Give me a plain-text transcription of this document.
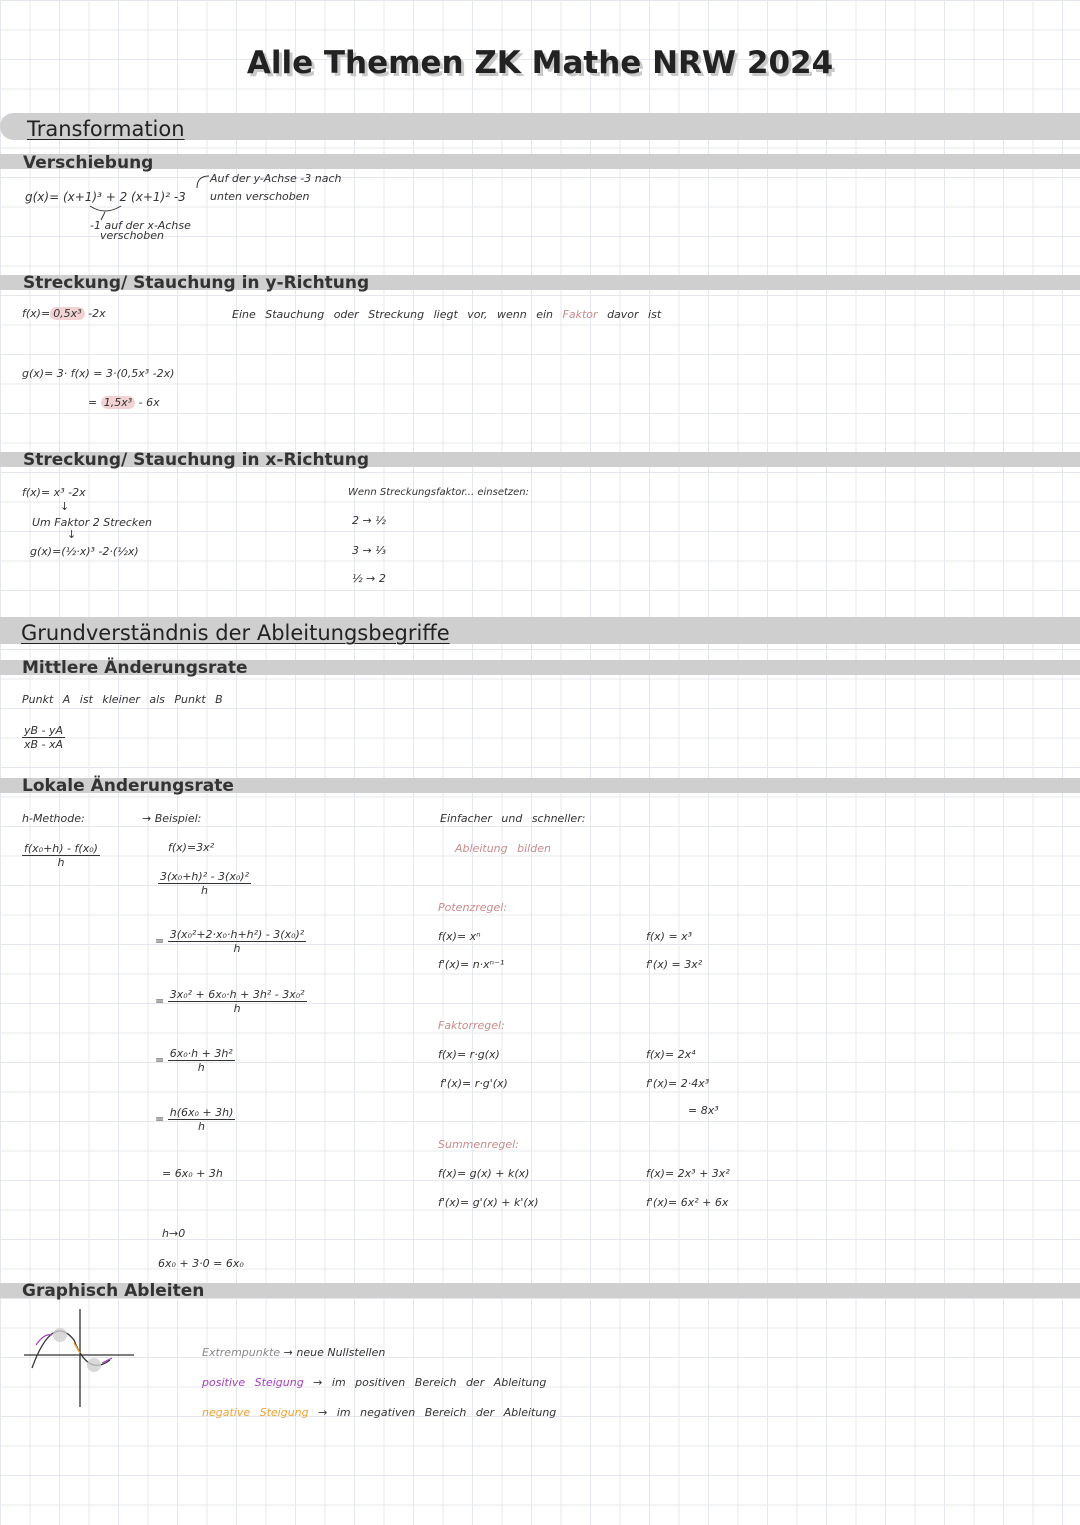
Alle Themen ZK Mathe NRW 2024
Transformation
Verschiebung
g(x)= (x+1)³ + 2 (x+1)² -3
Auf der y-Achse -3 nach
unten verschoben
-1 auf der x-Achse
verschoben
Streckung/ Stauchung in y-Richtung
f(x)= 0,5x³ -2x	Eine Stauchung oder Streckung liegt vor, wenn ein Faktor davor ist
g(x)= 3· f(x) = 3·(0,5x³ -2x)
= 1,5x³ - 6x
Streckung/ Stauchung in x-Richtung
f(x)= x³ -2x
↓
Um Faktor 2 Strecken
↓
g(x)=(½·x)³ -2·(½x)
Wenn Streckungsfaktor... einsetzen:
2 → ½
3 → ⅓
½ → 2
Grundverständnis der Ableitungsbegriffe
Mittlere Änderungsrate
Punkt A ist kleiner als Punkt B
$\frac{yB - yA}{xB - xA}$
Lokale Änderungsrate
h-Methode:
$\frac{\text{f(x₀+h) - f(x₀)}}{h}$
→ Beispiel:
f(x)=3x²
$\frac{\text{3(x₀+h)² - 3(x₀)²}}{h}$
= $\frac{\text{3(x₀²+2·x₀·h+h²) - 3(x₀)²}}{h}$
= $\frac{\text{3x₀² + 6x₀·h + 3h² - 3x₀²}}{h}$
= $\frac{\text{6x₀·h + 3h²}}{h}$
= $\frac{\text{h(6x₀ + 3h)}}{h}$
= 6x₀ + 3h
h→0
6x₀ + 3·0 = 6x₀
Einfacher und schneller:
Ableitung bilden
Potenzregel:
f(x)= xⁿ
f'(x)= n·xⁿ⁻¹
f(x) = x³
f'(x) = 3x²
Faktorregel:
f(x)= r·g(x)
f'(x)= r·g'(x)
f(x)= 2x⁴
f'(x)= 2·4x³
= 8x³
Summenregel:
f(x)= g(x) + k(x)
f'(x)= g'(x) + k'(x)
f(x)= 2x³ + 3x²
f'(x)= 6x² + 6x
Graphisch Ableiten
Extrempunkte → neue Nullstellen
positive Steigung → im positiven Bereich der Ableitung
negative Steigung → im negativen Bereich der Ableitung
